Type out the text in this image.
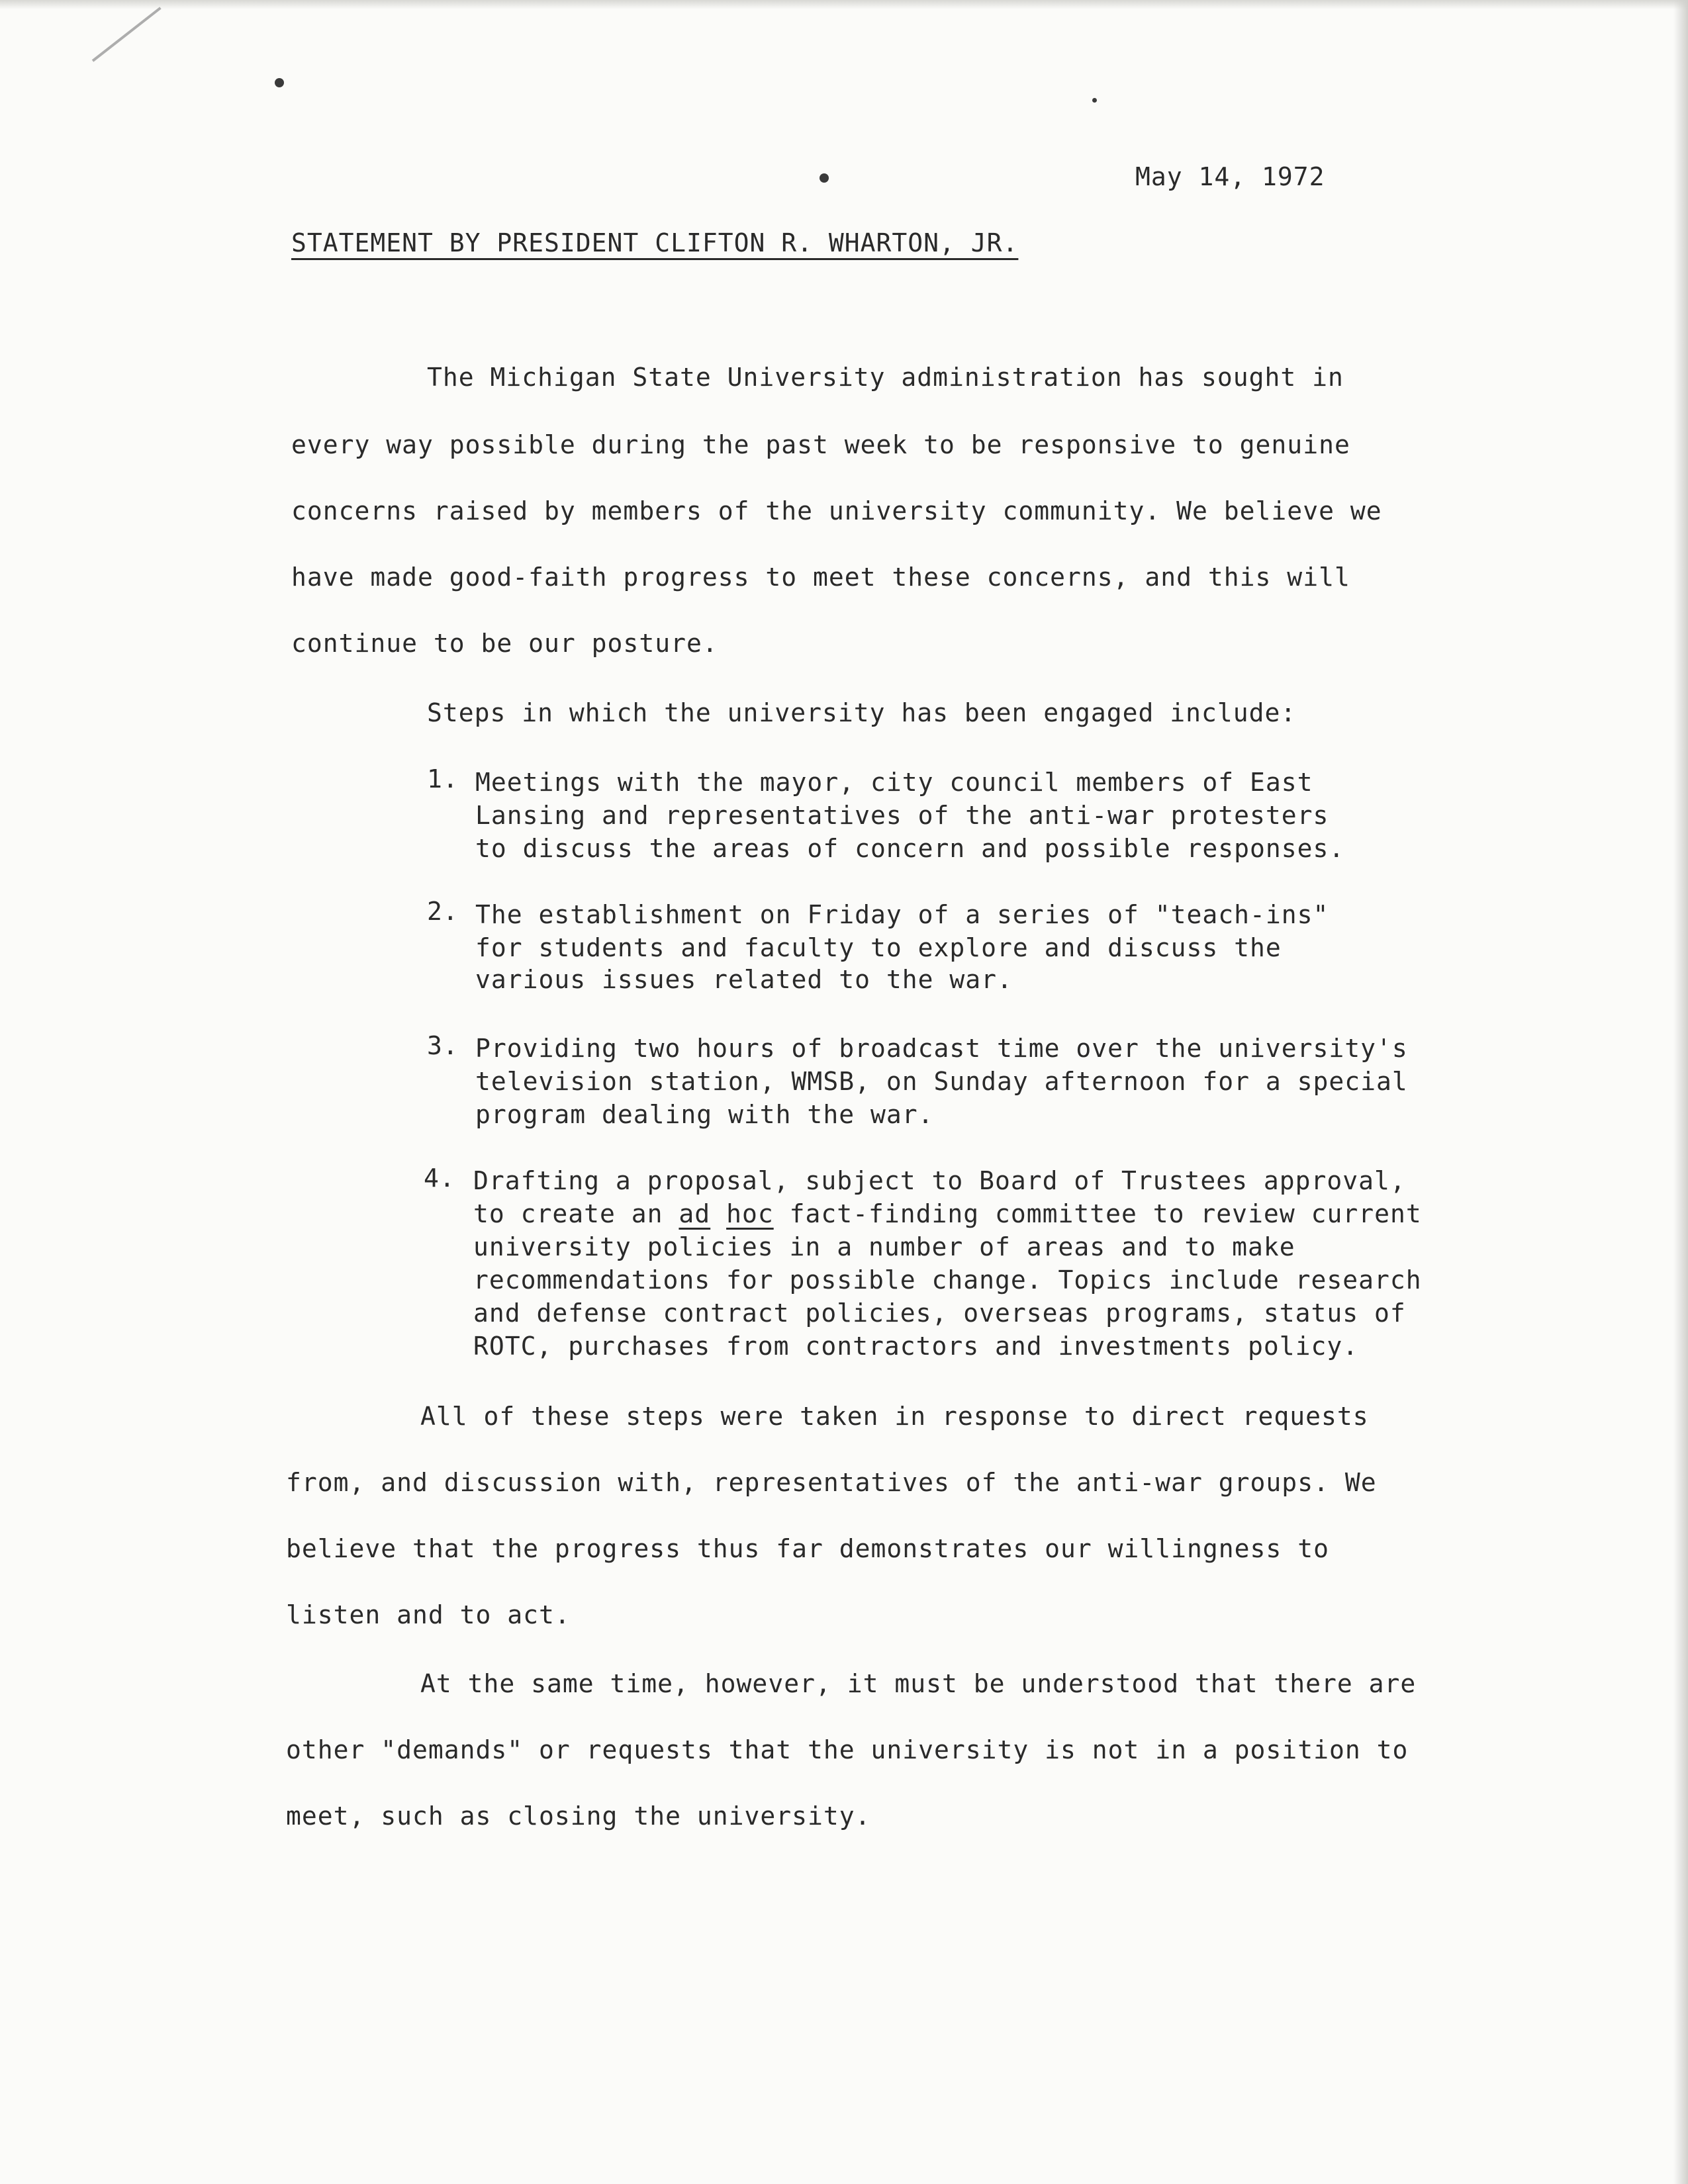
May 14, 1972
STATEMENT BY PRESIDENT CLIFTON R. WHARTON, JR.
The Michigan State University administration has sought in
every way possible during the past week to be responsive to genuine
concerns raised by members of the university community. We believe we
have made good-faith progress to meet these concerns, and this will
continue to be our posture.
Steps in which the university has been engaged include:
1. Meetings with the mayor, city council members of East
Lansing and representatives of the anti-war protesters
to discuss the areas of concern and possible responses.
2. The establishment on Friday of a series of "teach-ins"
for students and faculty to explore and discuss the
various issues related to the war.
3. Providing two hours of broadcast time over the university's
television station, WMSB, on Sunday afternoon for a special
program dealing with the war.
4. Drafting a proposal, subject to Board of Trustees approval,
to create an ad hoc fact-finding committee to review current
university policies in a number of areas and to make
recommendations for possible change. Topics include research
and defense contract policies, overseas programs, status of
ROTC, purchases from contractors and investments policy.
All of these steps were taken in response to direct requests
from, and discussion with, representatives of the anti-war groups. We
believe that the progress thus far demonstrates our willingness to
listen and to act.
At the same time, however, it must be understood that there are
other "demands" or requests that the university is not in a position to
meet, such as closing the university.
